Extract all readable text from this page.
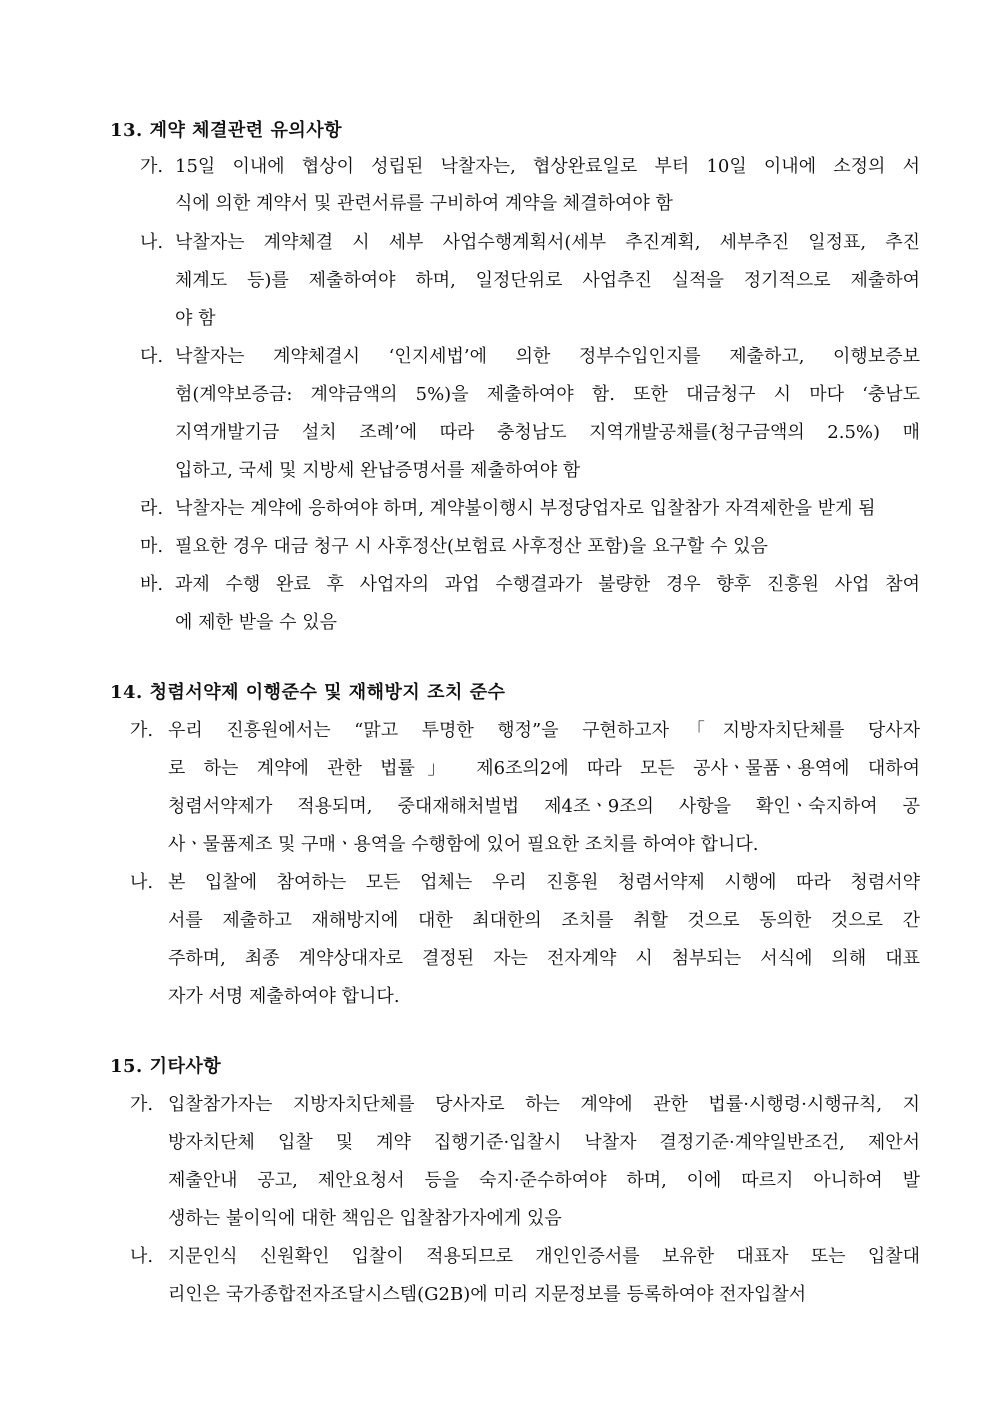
13. 계약 체결관련 유의사항
가. 15일 이내에 협상이 성립된 낙찰자는, 협상완료일로 부터 10일 이내에 소정의 서
식에 의한 계약서 및 관련서류를 구비하여 계약을 체결하여야 함
나. 낙찰자는 계약체결 시 세부 사업수행계획서(세부 추진계획, 세부추진 일정표, 추진
체계도 등)를 제출하여야 하며, 일정단위로 사업추진 실적을 정기적으로 제출하여
야 함
다. 낙찰자는 계약체결시 ‘인지세법’에 의한 정부수입인지를 제출하고, 이행보증보
험(계약보증금: 계약금액의 5%)을 제출하여야 함. 또한 대금청구 시 마다 ‘충남도
지역개발기금 설치 조례’에 따라 충청남도 지역개발공채를(청구금액의 2.5%) 매
입하고, 국세 및 지방세 완납증명서를 제출하여야 함
라. 낙찰자는 계약에 응하여야 하며, 계약불이행시 부정당업자로 입찰참가 자격제한을 받게 됨
마. 필요한 경우 대금 청구 시 사후정산(보험료 사후정산 포함)을 요구할 수 있음
바. 과제 수행 완료 후 사업자의 과업 수행결과가 불량한 경우 향후 진흥원 사업 참여
에 제한 받을 수 있음
14. 청렴서약제 이행준수 및 재해방지 조치 준수
가. 우리 진흥원에서는 “맑고 투명한 행정”을 구현하고자「지방자치단체를 당사자
로 하는 계약에 관한 법률」 제6조의2에 따라 모든 공사ㆍ물품ㆍ용역에 대하여
청렴서약제가 적용되며, 중대재해처벌법 제4조ㆍ9조의 사항을 확인ㆍ숙지하여 공
사ㆍ물품제조 및 구매ㆍ용역을 수행함에 있어 필요한 조치를 하여야 합니다.
나. 본 입찰에 참여하는 모든 업체는 우리 진흥원 청렴서약제 시행에 따라 청렴서약
서를 제출하고 재해방지에 대한 최대한의 조치를 취할 것으로 동의한 것으로 간
주하며, 최종 계약상대자로 결정된 자는 전자계약 시 첨부되는 서식에 의해 대표
자가 서명 제출하여야 합니다.
15. 기타사항
가. 입찰참가자는 지방자치단체를 당사자로 하는 계약에 관한 법률·시행령·시행규칙, 지
방자치단체 입찰 및 계약 집행기준·입찰시 낙찰자 결정기준·계약일반조건, 제안서
제출안내 공고, 제안요청서 등을 숙지·준수하여야 하며, 이에 따르지 아니하여 발
생하는 불이익에 대한 책임은 입찰참가자에게 있음
나. 지문인식 신원확인 입찰이 적용되므로 개인인증서를 보유한 대표자 또는 입찰대
리인은 국가종합전자조달시스템(G2B)에 미리 지문정보를 등록하여야 전자입찰서
